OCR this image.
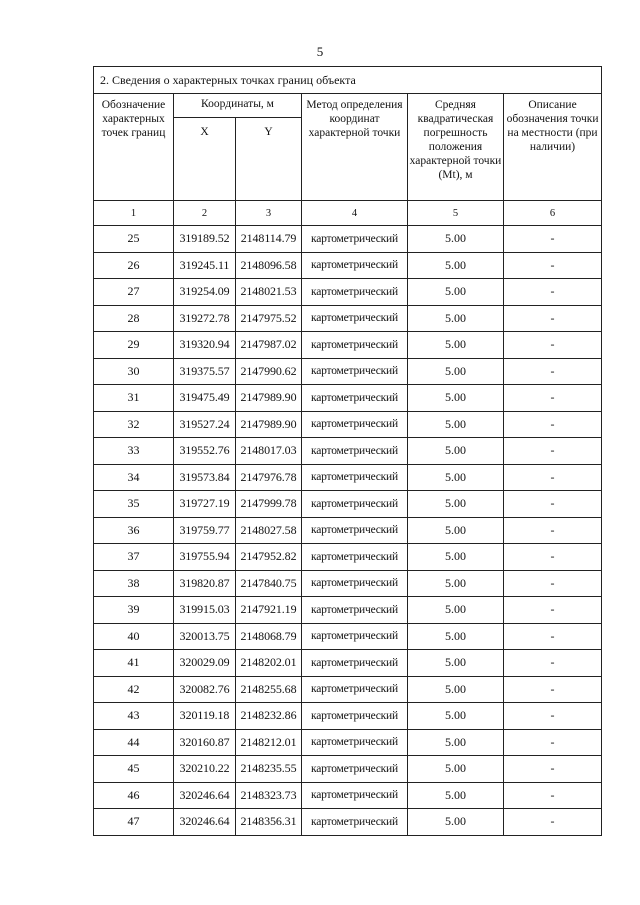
5
2. Сведения о характерных точках границ объекта					
Обозначение характерных точек границ	Координаты, м		Метод определения координат характерной точки	Средняя квадратическая погрешность положения характерной точки (Mt), м	Описание обозначения точки на местности (при наличии)
	X	Y			
1	2	3	4	5	6
25	319189.52	2148114.79	картометрический	5.00	-
26	319245.11	2148096.58	картометрический	5.00	-
27	319254.09	2148021.53	картометрический	5.00	-
28	319272.78	2147975.52	картометрический	5.00	-
29	319320.94	2147987.02	картометрический	5.00	-
30	319375.57	2147990.62	картометрический	5.00	-
31	319475.49	2147989.90	картометрический	5.00	-
32	319527.24	2147989.90	картометрический	5.00	-
33	319552.76	2148017.03	картометрический	5.00	-
34	319573.84	2147976.78	картометрический	5.00	-
35	319727.19	2147999.78	картометрический	5.00	-
36	319759.77	2148027.58	картометрический	5.00	-
37	319755.94	2147952.82	картометрический	5.00	-
38	319820.87	2147840.75	картометрический	5.00	-
39	319915.03	2147921.19	картометрический	5.00	-
40	320013.75	2148068.79	картометрический	5.00	-
41	320029.09	2148202.01	картометрический	5.00	-
42	320082.76	2148255.68	картометрический	5.00	-
43	320119.18	2148232.86	картометрический	5.00	-
44	320160.87	2148212.01	картометрический	5.00	-
45	320210.22	2148235.55	картометрический	5.00	-
46	320246.64	2148323.73	картометрический	5.00	-
47	320246.64	2148356.31	картометрический	5.00	-
